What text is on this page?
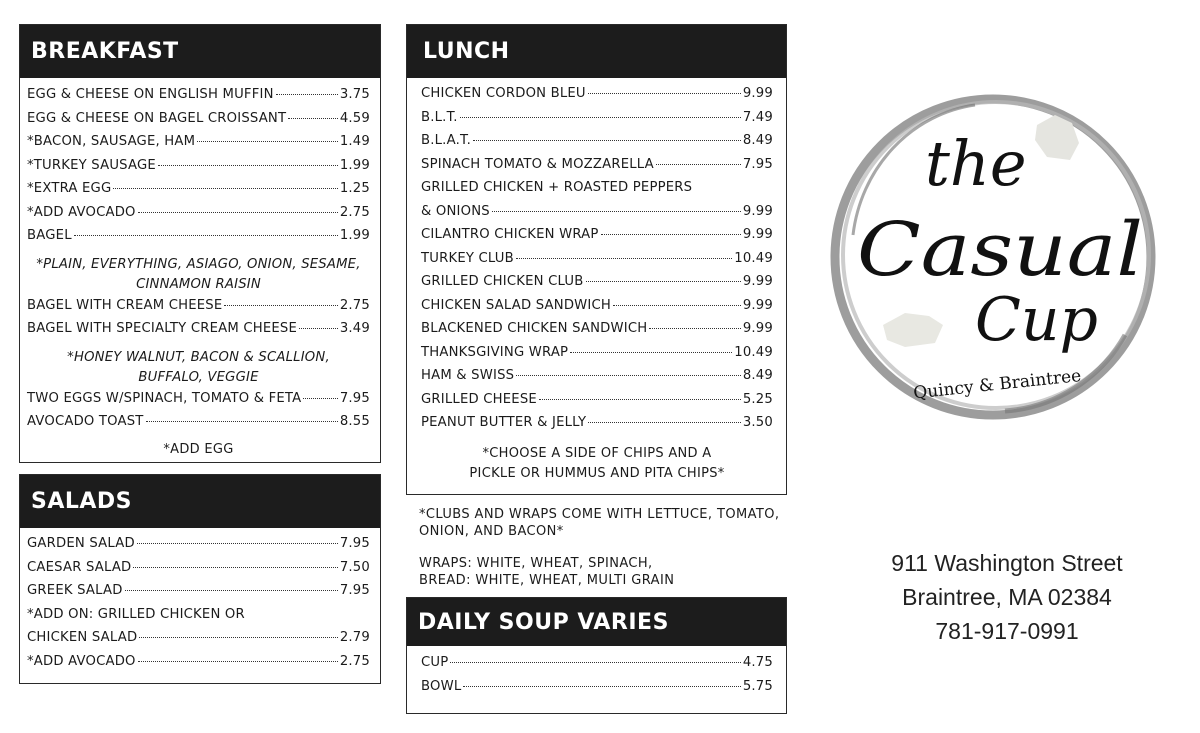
BREAKFAST
EGG & CHEESE ON ENGLISH MUFFIN	3.75
EGG & CHEESE ON BAGEL CROISSANT	4.59
*BACON, SAUSAGE, HAM	1.49
*TURKEY SAUSAGE	1.99
*EXTRA EGG	1.25
*ADD AVOCADO	2.75
BAGEL	1.99
*PLAIN, EVERYTHING, ASIAGO, ONION, SESAME,
CINNAMON RAISIN
BAGEL WITH CREAM CHEESE	2.75
BAGEL WITH SPECIALTY CREAM CHEESE	3.49
*HONEY WALNUT, BACON & SCALLION,
BUFFALO, VEGGIE
TWO EGGS W/SPINACH, TOMATO & FETA	7.95
AVOCADO TOAST	8.55
*ADD EGG
SALADS
GARDEN SALAD	7.95
CAESAR SALAD	7.50
GREEK SALAD	7.95
*ADD ON: GRILLED CHICKEN OR
CHICKEN SALAD	2.79
*ADD AVOCADO	2.75
LUNCH
CHICKEN CORDON BLEU	9.99
B.L.T.	7.49
B.L.A.T.	8.49
SPINACH TOMATO & MOZZARELLA	7.95
GRILLED CHICKEN + ROASTED PEPPERS
& ONIONS	9.99
CILANTRO CHICKEN WRAP	9.99
TURKEY CLUB	10.49
GRILLED CHICKEN CLUB	9.99
CHICKEN SALAD SANDWICH	9.99
BLACKENED CHICKEN SANDWICH	9.99
THANKSGIVING WRAP	10.49
HAM & SWISS	8.49
GRILLED CHEESE	5.25
PEANUT BUTTER & JELLY	3.50
*CHOOSE A SIDE OF CHIPS AND A
PICKLE OR HUMMUS AND PITA CHIPS*
*CLUBS AND WRAPS COME WITH LETTUCE, TOMATO,
ONION, AND BACON*
WRAPS: WHITE, WHEAT, SPINACH,
BREAD: WHITE, WHEAT, MULTI GRAIN
DAILY SOUP VARIES
CUP	4.75
BOWL	5.75
the
Casual
Cup
Quincy & Braintree
911 Washington Street
Braintree, MA 02384
781-917-0991
